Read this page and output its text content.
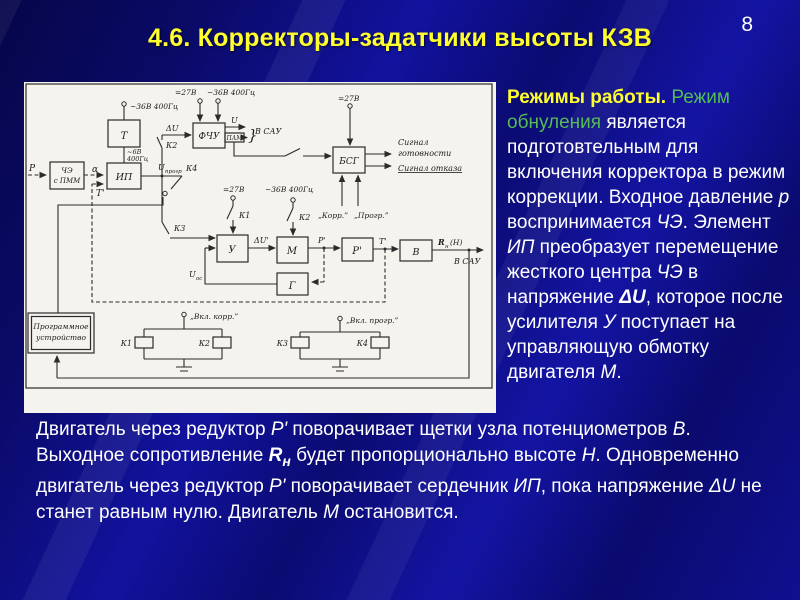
8
4.6. Корректоры-задатчики высоты КЗВ
Т
ЧЭ
с ПММ	ИП
ФЧУ ПАМ
БСГ
У	М	Р'	В
Г
Программное
устройство
Р	α
~36В 400Гц
~6В
400Гц
=27В ~36В 400Гц
=27В
ΔU
К2
U
}
В САУ
Сигнал
готовности
Сигнал отказа
U прогр К4
Т'	=27В	~36В 400Гц
К1	К2 „Корр.” „Прогр.”
К3
ΔU'	Р'	Т'	R н (Н)
В САУ
U ос
„Вкл. корр.”	„Вкл. прогр.”
К1	К2	К3	К4
Режимы работы. Режим обнуления является подготовтельным для включения корректора в режим коррекции. Входное давление р воспринимается ЧЭ. Элемент ИП преобразует перемещение жесткого центра ЧЭ в напряжение ΔU, которое после усилителя У поступает на управляющую обмотку двигателя М.
Двигатель через редуктор Р' поворачивает щетки узла потенциометров В. Выходное сопротивление $R_н$ будет пропорционально высоте Н. Одновременно двигатель через редуктор Р' поворачивает сердечник ИП, пока напряжение ΔU не станет равным нулю. Двигатель М остановится.
